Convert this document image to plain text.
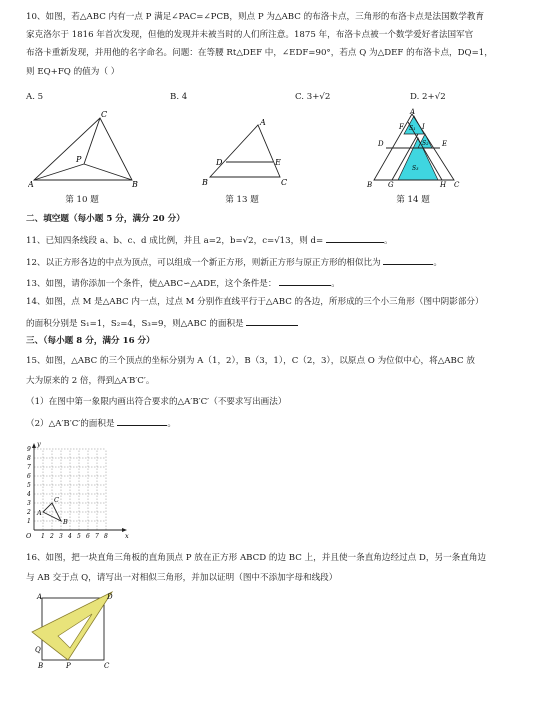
10、如图，若△ABC 内有一点 P 满足∠PAC=∠PCB，则点 P 为△ABC 的布洛卡点，三角形的布洛卡点是法国数学教育
家克洛尔于 1816 年首次发现，但他的发现并未被当时的人们所注意。1875 年，布洛卡点被一个数学爱好者法国军官
布洛卡重新发现，并用他的名字命名。问题：在等腰 Rt△DEF 中，∠EDF=90°，若点 Q 为△DEF 的布洛卡点，DQ=1，
则 EQ+FQ 的值为（ ）
A. 5	B. 4	C. 3+√2	D. 2+√2
C
P
A	B
第 10 题
A
D	E
B	C
第 13 题
A
F	I
D	E
B G	H C
S₁
S₂
S₃
第 14 题
二、填空题（每小题 5 分，满分 20 分）
11、已知四条线段 a、b、c、d 成比例，并且 a=2，b=√2，c=√13，则 d=	。
12、以正方形各边的中点为顶点，可以组成一个新正方形，则新正方形与原正方形的相似比为	。
13、如图，请你添加一个条件，使△ABC∽△ADE，这个条件是：	。
14、如图，点 M 是△ABC 内一点，过点 M 分别作直线平行于△ABC 的各边，所形成的三个小三角形（图中阴影部分）
的面积分别是 S₁=1，S₂=4，S₃=9，则△ABC 的面积是
三、（每小题 8 分，满分 16 分）
15、如图，△ABC 的三个顶点的坐标分别为 A（1，2），B（3，1），C（2，3），以原点 O 为位似中心，将△ABC 放
大为原来的 2 倍，得到△A′B′C′。
（1）在图中第一象限内画出符合要求的△A′B′C′（不要求写出画法）
（2）△A′B′C′的面积是	。
1
2
3
4
5
6
7
8
9
1 2 3 4 5 6 7 8
O	x
y
A
B
C
16、如图，把一块直角三角板的直角顶点 P 放在正方形 ABCD 的边 BC 上，并且使一条直角边经过点 D，另一条直角边
与 AB 交于点 Q，请写出一对相似三角形，并加以证明（图中不添加字母和线段）
A	D
Q
B	P	C
